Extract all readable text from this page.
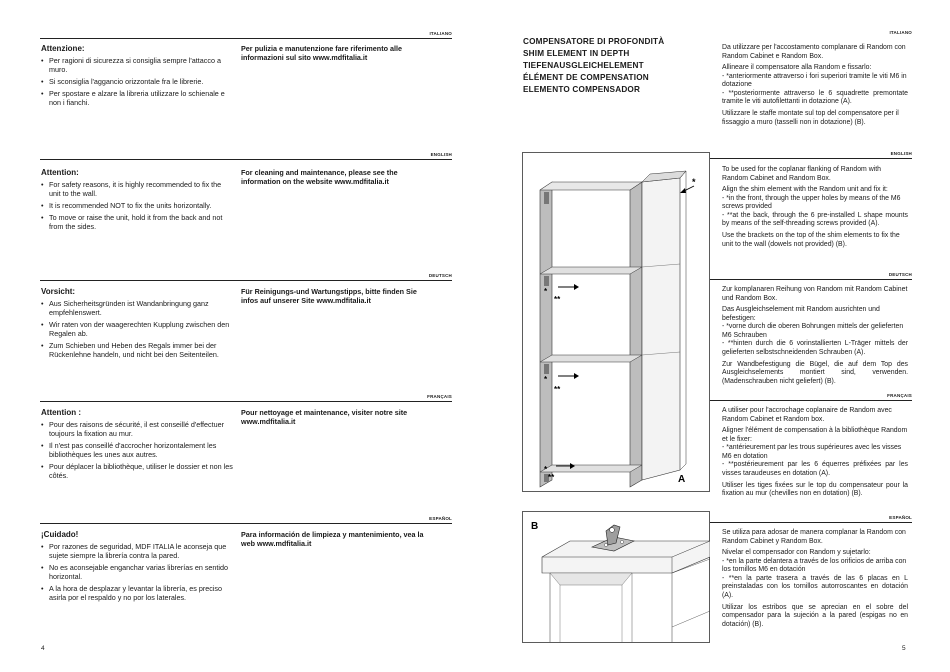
ITALIANO
Attenzione:
• Per ragioni di sicurezza si consiglia sempre l'attacco a muro.
• Si sconsiglia l'aggancio orizzontale fra le librerie.
• Per spostare e alzare la libreria utilizzare lo schienale e non i fianchi.
Per pulizia e manutenzione fare riferimento alle informazioni sul sito www.mdfitalia.it
ENGLISH
Attention:
• For safety reasons, it is highly recommended to fix the unit to the wall.
• It is recommended NOT to fix the units horizontally.
• To move or raise the unit, hold it from the back and not from the sides.
For cleaning and maintenance, please see the information on the website www.mdfitalia.it
DEUTSCH
Vorsicht:
• Aus Sicherheitsgründen ist Wandanbringung ganz empfehlenswert.
• Wir raten von der waagerechten Kupplung zwischen den Regalen ab.
• Zum Schieben und Heben des Regals immer bei der Rückenlehne handeln, und nicht bei den Seitenteilen.
Für Reinigungs-und Wartungstipps, bitte finden Sie infos auf unserer Site www.mdfitalia.it
FRANÇAIS
Attention :
• Pour des raisons de sécurité, il est conseillé d'effectuer toujours la fixation au mur.
• Il n'est pas conseillé d'accrocher horizontalement les bibliothèques les unes aux autres.
• Pour déplacer la bibliothèque, utiliser le dossier et non les côtés.
Pour nettoyage et maintenance, visiter notre site www.mdfitalia.it
ESPAÑOL
¡Cuidado!
• Por razones de seguridad, MDF ITALIA le aconseja que sujete siempre la librería contra la pared.
• No es aconsejable enganchar varias librerías en sentido horizontal.
• A la hora de desplazar y levantar la librería, es preciso asirla por el respaldo y no por los laterales.
Para información de limpieza y mantenimiento, vea la web www.mdfitalia.it
4
COMPENSATORE DI PROFONDITÀ
SHIM ELEMENT IN DEPTH
TIEFENAUSGLEICHELEMENT
ÉLÉMENT DE COMPENSATION
ELEMENTO COMPENSADOR
*
*
**
*
**
*
**	A
B

Da utilizzare per l'accostamento complanare di Random con Random Cabinet e Random Box.

Allineare il compensatore alla Random e fissarlo:

- *anteriormente attraverso i fori superiori tramite le viti M6 in dotazione

- **posteriormente attraverso le 6 squadrette premontate tramite le viti autofilettanti in dotazione (A).

Utilizzare le staffe montate sul top del compensatore per il fissaggio a muro (tasselli non in dotazione) (B).

ENGLISH

To be used for the coplanar flanking of Random with Random Cabinet and Random Box.

Align the shim element with the Random unit and fix it:

- *in the front, through the upper holes by means of the M6 screws provided

- **at the back, through the 6 pre-installed L shape mounts by means of the self-threading screws provided (A).

Use the brackets on the top of the shim elements to fix the unit to the wall (dowels not provided) (B).

DEUTSCH

Zur komplanaren Reihung von Random mit Random Cabinet und Random Box.

Das Ausgleichselement mit Random ausrichten und befestigen:

- *vorne durch die oberen Bohrungen mittels der gelieferten M6 Schrauben

- **hinten durch die 6 vorinstallierten L-Träger mittels der gelieferten selbstschneidenden Schrauben (A).

Zur Wandbefestigung die Bügel, die auf dem Top des Ausgleichselements montiert sind, verwenden. (Madenschrauben nicht geliefert) (B).

FRANÇAIS

A utiliser pour l'accrochage coplanaire de Random avec Random Cabinet et Random box.

Aligner l'élément de compensation à la bibliothèque Random et le fixer:

- *antérieurement par les trous supérieures avec les visses M6 en dotation

- **postérieurement par les 6 équerres préfixées par les visses taraudeuses en dotation (A).

Utiliser les tiges fixées sur le top du compensateur pour la fixation au mur (chevilles non en dotation) (B).

ESPAÑOL

Se utiliza para adosar de manera complanar la Random con Random Cabinet y Random Box.

Nivelar el compensador con Random y sujetarlo:

- *en la parte delantera a través de los orificios de arriba con los tornillos M6 en dotación

- **en la parte trasera a través de las 6 placas en L preinstaladas con los tornillos autorroscantes en dotación (A).

Utilizar los estribos que se aprecian en el sobre del compensador para la sujeción a la pared (espigas no en dotación) (B).

ITALIANO
5
